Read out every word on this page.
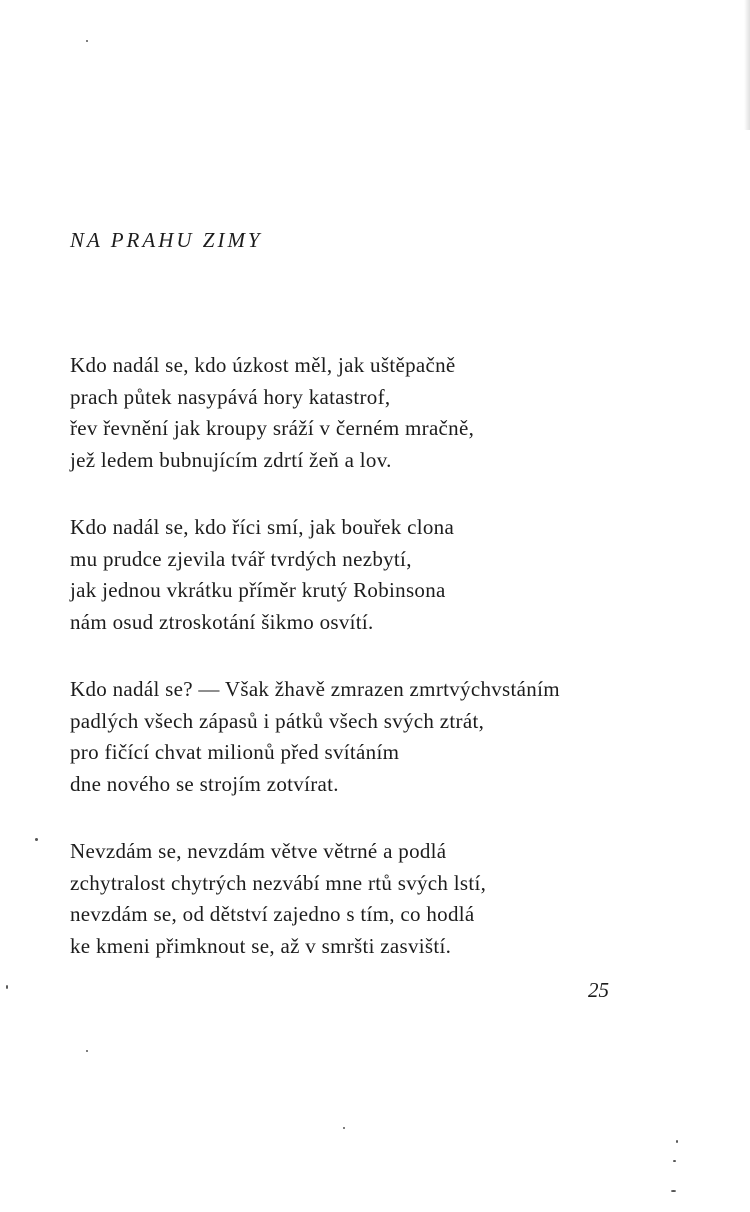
NA PRAHU ZIMY
Kdo nadál se, kdo úzkost měl, jak uštěpačně
prach půtek nasypává hory katastrof,
řev řevnění jak kroupy sráží v černém mračně,
jež ledem bubnujícím zdrtí žeň a lov.
Kdo nadál se, kdo říci smí, jak bouřek clona
mu prudce zjevila tvář tvrdých nezbytí,
jak jednou vkrátku příměr krutý Robinsona
nám osud ztroskotání šikmo osvítí.
Kdo nadál se? — Však žhavě zmrazen zmrtvýchvstáním
padlých všech zápasů i pátků všech svých ztrát,
pro fičící chvat milionů před svítáním
dne nového se strojím zotvírat.
Nevzdám se, nevzdám větve větrné a podlá
zchytralost chytrých nezvábí mne rtů svých lstí,
nevzdám se, od dětství zajedno s tím, co hodlá
ke kmeni přimknout se, až v smršti zasviští.
25
